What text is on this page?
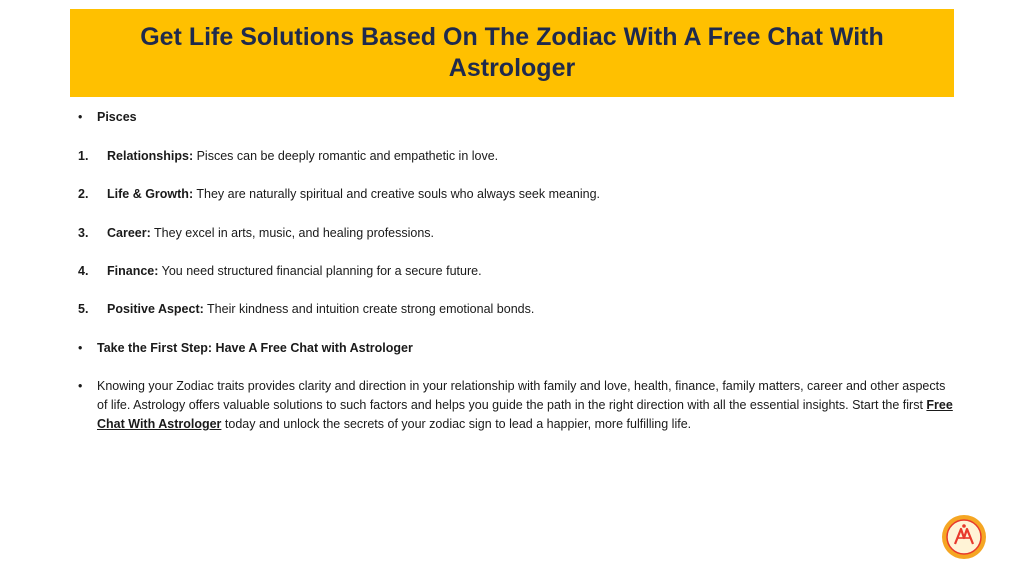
Get Life Solutions Based On The Zodiac With A Free Chat With Astrologer
• Pisces
1. Relationships: Pisces can be deeply romantic and empathetic in love.
2. Life & Growth: They are naturally spiritual and creative souls who always seek meaning.
3. Career: They excel in arts, music, and healing professions.
4. Finance: You need structured financial planning for a secure future.
5. Positive Aspect: Their kindness and intuition create strong emotional bonds.
• Take the First Step: Have A Free Chat with Astrologer
• Knowing your Zodiac traits provides clarity and direction in your relationship with family and love, health, finance, family matters, career and other aspects of life. Astrology offers valuable solutions to such factors and helps you guide the path in the right direction with all the essential insights. Start the first Free Chat With Astrologer today and unlock the secrets of your zodiac sign to lead a happier, more fulfilling life.
